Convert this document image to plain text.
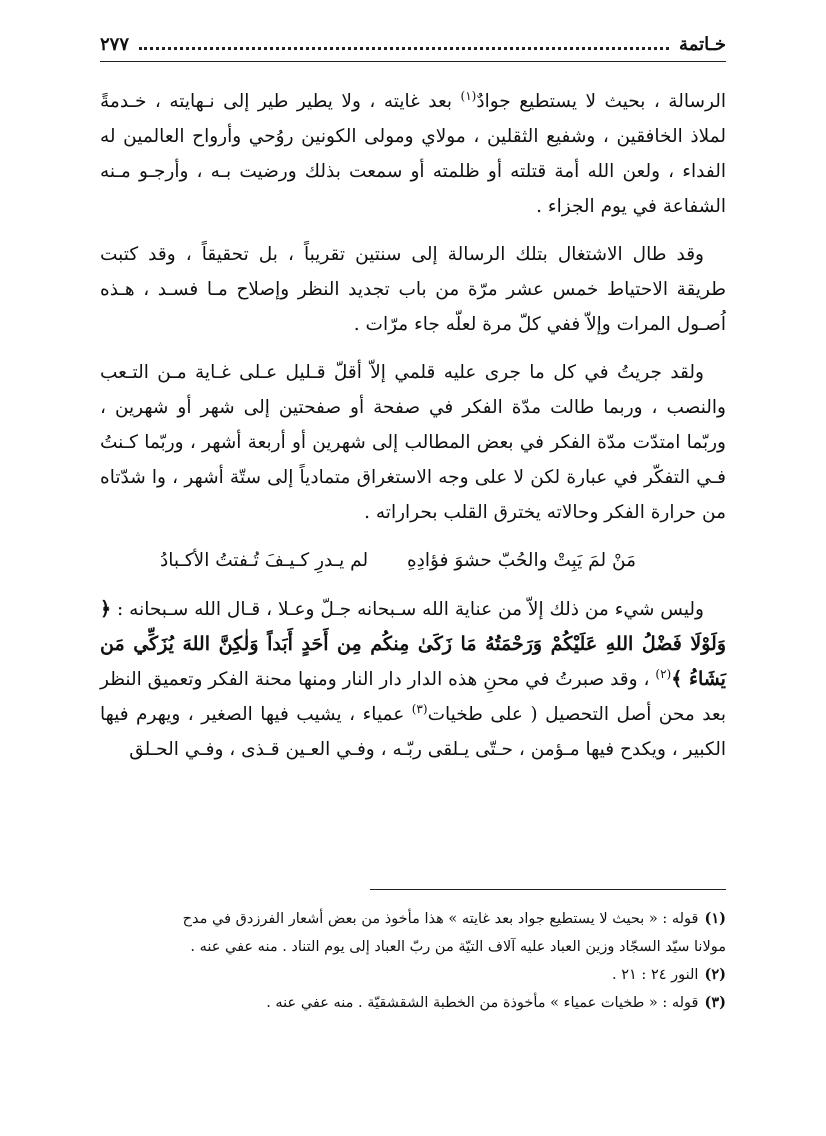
خـاتمة
٢٧٧

الرسالة ، بحيث لا يستطيع جوادٌ$^{(١)}$ بعد غايته ، ولا يطير طير إلى نـهايته ، خـدمةً لملاذ الخافقين ، وشفيع الثقلين ، مولاي ومولى الكونين روُحي وأرواح العالمين له الفداء ، ولعن الله أمة قتلته أو ظلمته أو سمعت بذلك ورضيت بـه ، وأرجـو مـنه الشفاعة في يوم الجزاء .

وقد طال الاشتغال بتلك الرسالة إلى سنتين تقريباً ، بل تحقيقاً ، وقد كتبت طريقة الاحتياط خمس عشر مرّة من باب تجديد النظر وإصلاح مـا فسـد ، هـذه اُصـول المرات وإلاّ ففي كلّ مرة لعلّه جاء مرّات .

ولقد جريتُ في كل ما جرى عليه قلمي إلاّ أقلّ قـليل عـلى غـاية مـن التـعب والنصب ، وربما طالت مدّة الفكر في صفحة أو صفحتين إلى شهر أو شهرين ، وربّما امتدّت مدّة الفكر في بعض المطالب إلى شهرين أو أربعة أشهر ، وربّما كـنتُ فـي التفكّر في عبارة لكن لا على وجه الاستغراق متمادياً إلى ستّة أشهر ، وا شدّتاه من حرارة الفكر وحالاته يخترق القلب بحراراته .

مَنْ لمَ يَبِتْ والحُبّ حشوَ فؤادِهِ
لم يـدرِ كـيـفَ تُـفتتُ الأكـبادُ

وليس شيء من ذلك إلاّ من عناية الله سـبحانه جـلّ وعـلا ، قـال الله سـبحانه : ﴿ وَلَوْلَا فَضْلُ اللهِ عَلَيْكُمْ وَرَحْمَتُهُ مَا زَكَىٰ مِنكُم مِن أَحَدٍ أَبَداً وَلٰكِنَّ اللهَ يُزَكِّي مَن يَشَاءُ ﴾$^{(٢)}$ ، وقد صبرتُ في محنِ هذه الدار دار النار ومنها محنة الفكر وتعميق النظر بعد محن أصل التحصيل ( على طخيات$^{(٣)}$ عمياء ، يشيب فيها الصغير ، ويهرم فيها الكبير ، ويكدح فيها مـؤمن ، حـتّى يـلقى ربّـه ، وفـي العـين قـذى ، وفـي الحـلق

(١)قوله : « بحيث لا يستطيع جواد بعد غايته » هذا مأخوذ من بعض أشعار الفرزدق في مدح

مولانا سيّد السجّاد وزين العباد عليه آلاف التيّة من ربّ العباد إلى يوم التناد . منه عفي عنه .

(٢)النور ٢٤ : ٢١ .

(٣)قوله : « طخيات عمياء » مأخوذة من الخطبة الشقشقيّة . منه عفي عنه .
